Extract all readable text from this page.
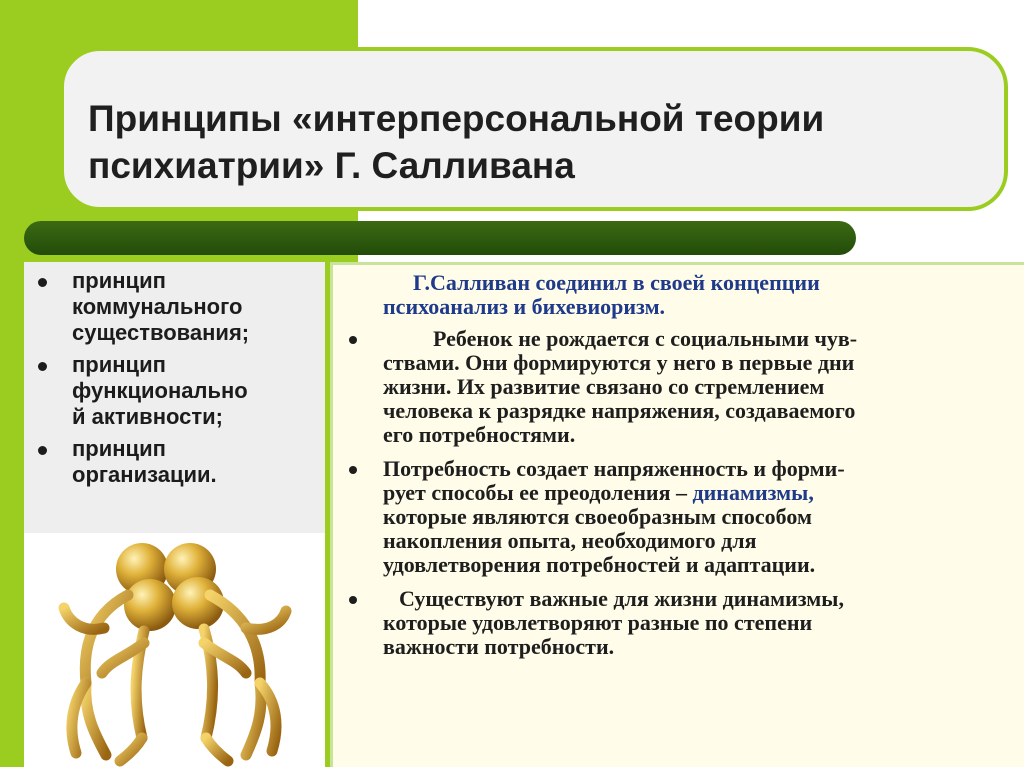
Принципы «интерперсональной теории
психиатрии» Г. Салливана
принцип
коммунального
существования;
принцип
функционально
й активности;
принцип
организации.
Г.Салливан соединил в своей концепции
психоанализ и бихевиоризм.
Ребенок не рождается с социальными чув-
ствами. Они формируются у него в первые дни
жизни. Их развитие связано со стремлением
человека к разрядке напряжения, создаваемого
его потребностями.
Потребность создает напряженность и форми-
рует способы ее преодоления – динамизмы,
которые являются своеобразным способом
накопления опыта, необходимого для
удовлетворения потребностей и адаптации.
Существуют важные для жизни динамизмы,
которые удовлетворяют разные по степени
важности потребности.
